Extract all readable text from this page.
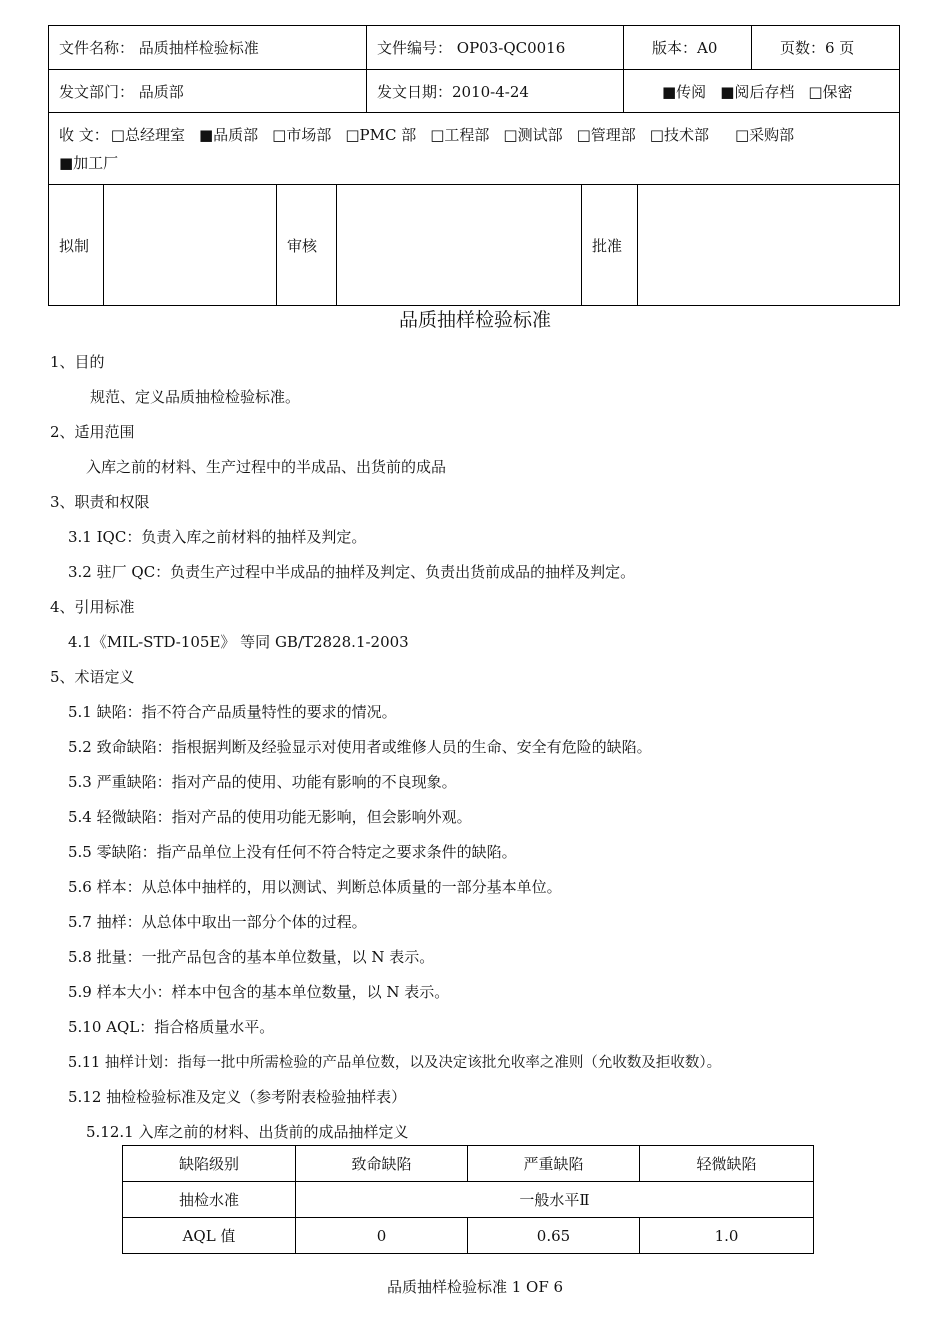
文件名称： 品质抽样检验标准	文件编号： OP03-QC0016	版本：A0	页数：6 页
发文部门： 品质部	发文日期：2010-4-24	■传阅 ■阅后存档 □保密
收 文： □总经理室 ■品质部 □市场部 □PMC 部 □工程部 □测试部 □管理部 □技术部 □采购部
■加工厂
拟制	审核	批准
品质抽样检验标准
1、目的
规范、定义品质抽检检验标准。
2、适用范围
入库之前的材料、生产过程中的半成品、出货前的成品
3、职责和权限
3.1 IQC：负责入库之前材料的抽样及判定。
3.2 驻厂 QC：负责生产过程中半成品的抽样及判定、负责出货前成品的抽样及判定。
4、引用标准
4.1《MIL-STD-105E》 等同 GB/T2828.1-2003
5、术语定义
5.1 缺陷：指不符合产品质量特性的要求的情况。
5.2 致命缺陷：指根据判断及经验显示对使用者或维修人员的生命、安全有危险的缺陷。
5.3 严重缺陷：指对产品的使用、功能有影响的不良现象。
5.4 轻微缺陷：指对产品的使用功能无影响，但会影响外观。
5.5 零缺陷：指产品单位上没有任何不符合特定之要求条件的缺陷。
5.6 样本：从总体中抽样的，用以测试、判断总体质量的一部分基本单位。
5.7 抽样：从总体中取出一部分个体的过程。
5.8 批量：一批产品包含的基本单位数量，以 N 表示。
5.9 样本大小：样本中包含的基本单位数量，以 N 表示。
5.10 AQL：指合格质量水平。
5.11 抽样计划：指每一批中所需检验的产品单位数，以及决定该批允收率之准则（允收数及拒收数）。
5.12 抽检检验标准及定义（参考附表检验抽样表）
5.12.1 入库之前的材料、出货前的成品抽样定义
缺陷级别	致命缺陷	严重缺陷	轻微缺陷
抽检水准	一般水平Ⅱ		
AQL 值	0	0.65	1.0
品质抽样检验标准 1 OF 6
